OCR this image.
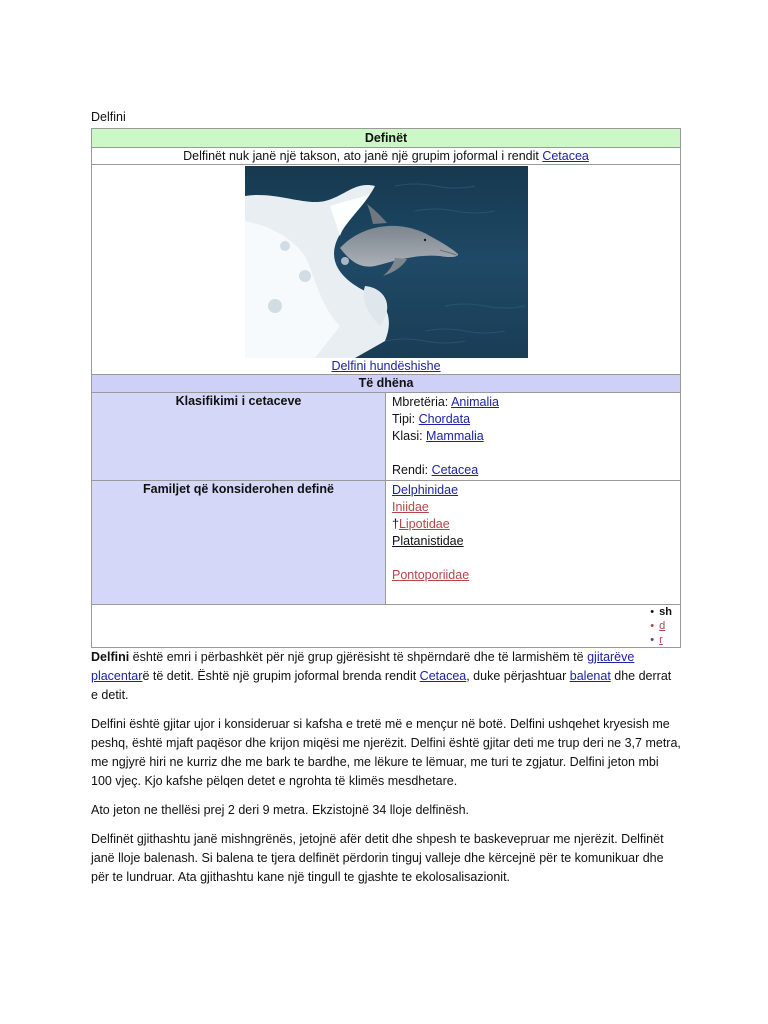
Delfini
Definët	
Delfinët nuk janë një takson, ato janë një grupim joformal i rendit Cetacea	

Delfini hundëshishe	

Të dhëna	
Klasifikimi i cetaceve	Mbretëria: Animalia
Tipi: Chordata
Klasi: Mammalia
Rendi: Cetacea

Familjet që konsiderohen definë	Delphinidae
Iniidae
†Lipotidae
Platanistidae
Pontoporiidae

• sh
• d
• r	

Delfini është emri i përbashkët për një grup gjërësisht të shpërndarë dhe të larmishëm të gjitarëve placentarë të detit. Është një grupim joformal brenda rendit Cetacea, duke përjashtuar balenat dhe derrat e detit.

Delfini është gjitar ujor i konsideruar si kafsha e tretë më e mençur në botë. Delfini ushqehet kryesish me peshq, është mjaft paqësor dhe krijon miqësi me njerëzit. Delfini është gjitar deti me trup deri ne 3,7 metra, me ngjyrë hiri ne kurriz dhe me bark te bardhe, me lëkure te lëmuar, me turi te zgjatur. Delfini jeton mbi 100 vjeç. Kjo kafshe pëlqen detet e ngrohta të klimës mesdhetare.

Ato jeton ne thellësi prej 2 deri 9 metra. Ekzistojnë 34 lloje delfinësh.

Delfinët gjithashtu janë mishngrënës, jetojnë afër detit dhe shpesh te baskevepruar me njerëzit. Delfinët janë lloje balenash. Si balena te tjera delfinët përdorin tinguj valleje dhe kërcejnë për te komunikuar dhe për te lundruar. Ata gjithashtu kane një tingull te gjashte te ekolosalisazionit.
